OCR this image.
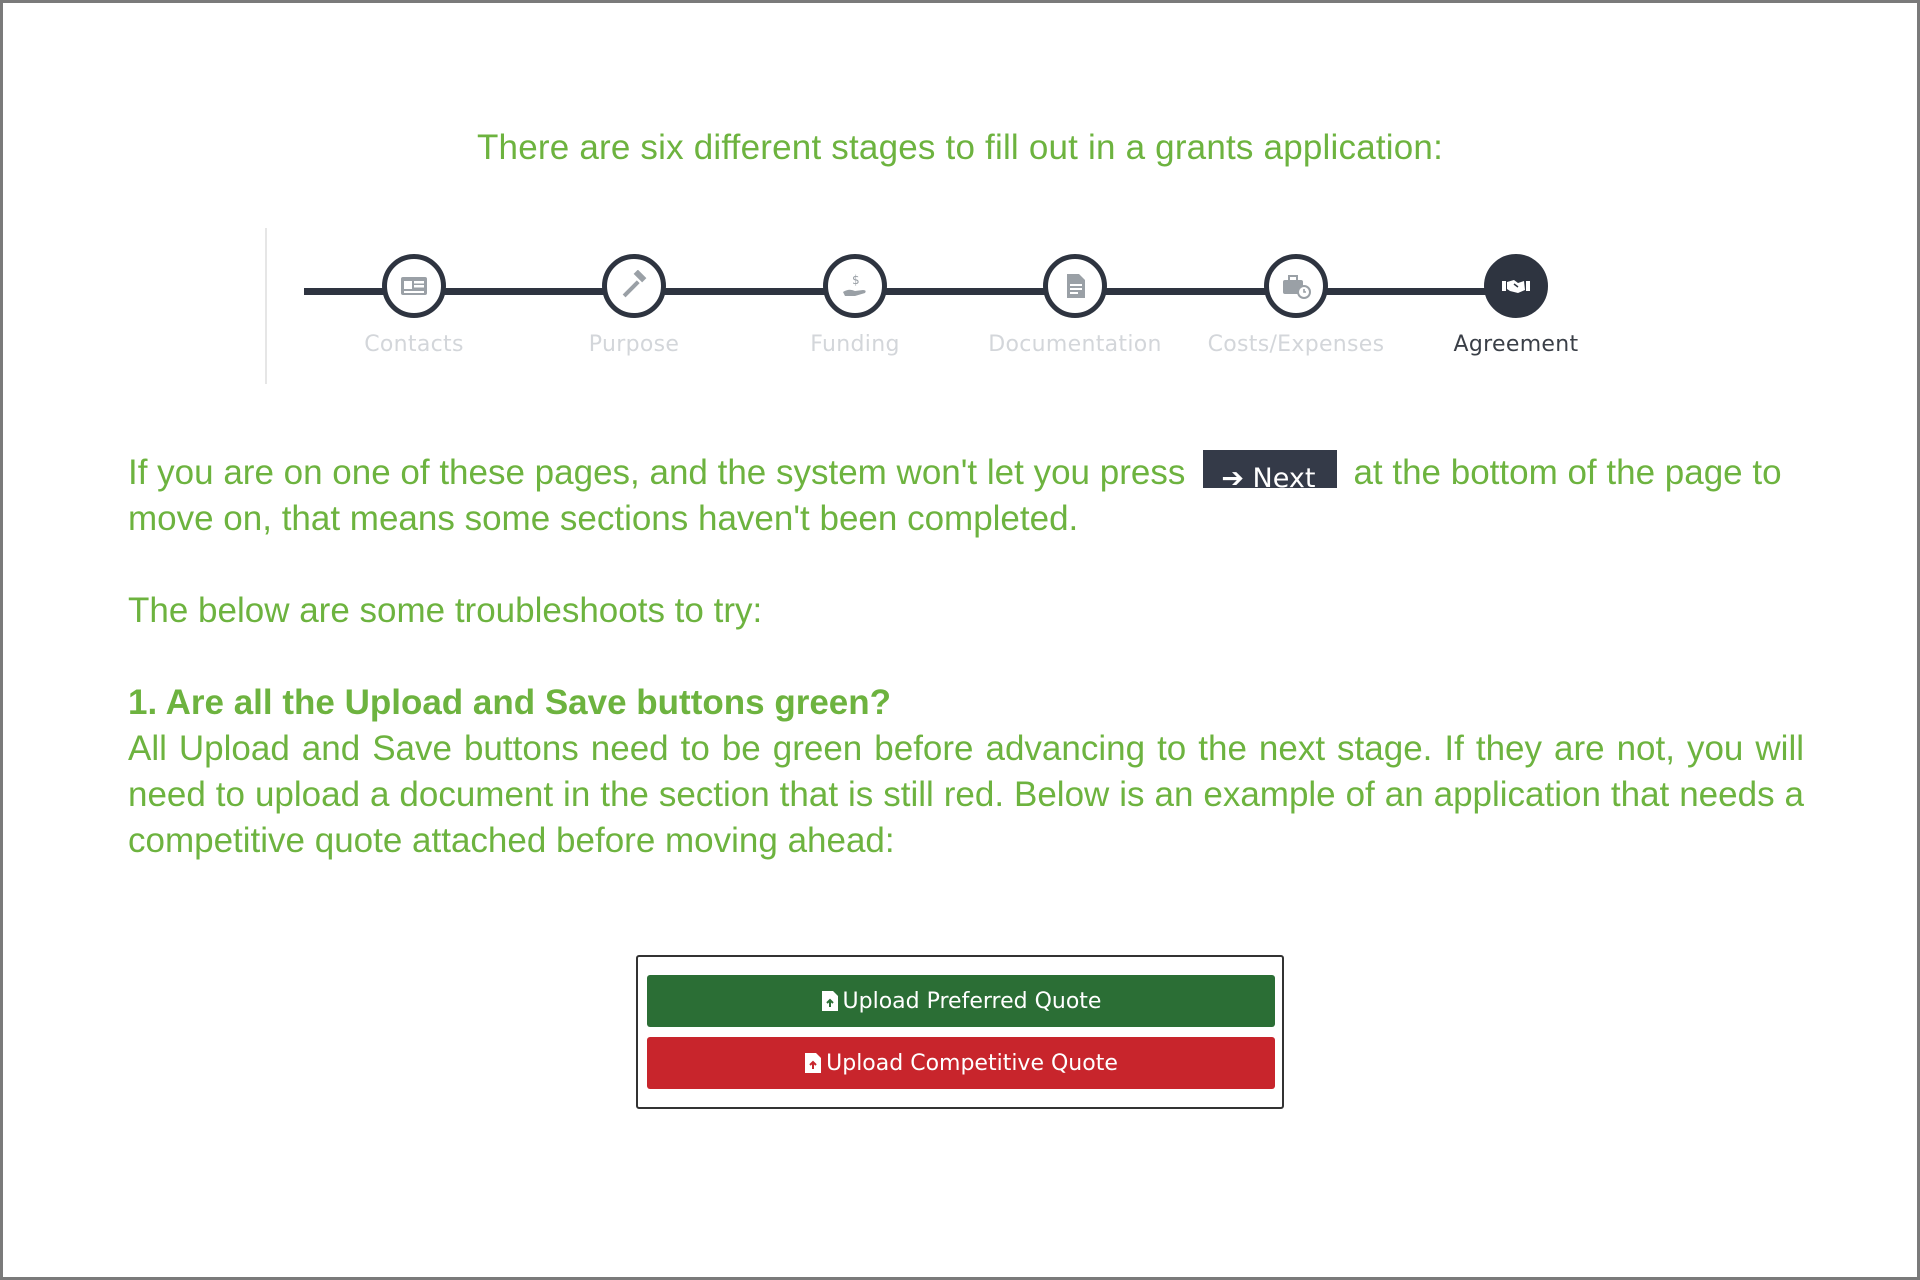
There are six different stages to fill out in a grants application:
Contacts	Purpose
$
Funding	Documentation	Costs/Expenses	Agreement
If you are on one of these pages, and the system won't let you press ➔ Next at the bottom of the page to move on, that means some sections haven't been completed.
The below are some troubleshoots to try:
1. Are all the Upload and Save buttons green?
All Upload and Save buttons need to be green before advancing to the next stage. If they are not, you will need to upload a document in the section that is still red. Below is an example of an application that needs a competitive quote attached before moving ahead:
Upload Preferred Quote
Upload Competitive Quote
